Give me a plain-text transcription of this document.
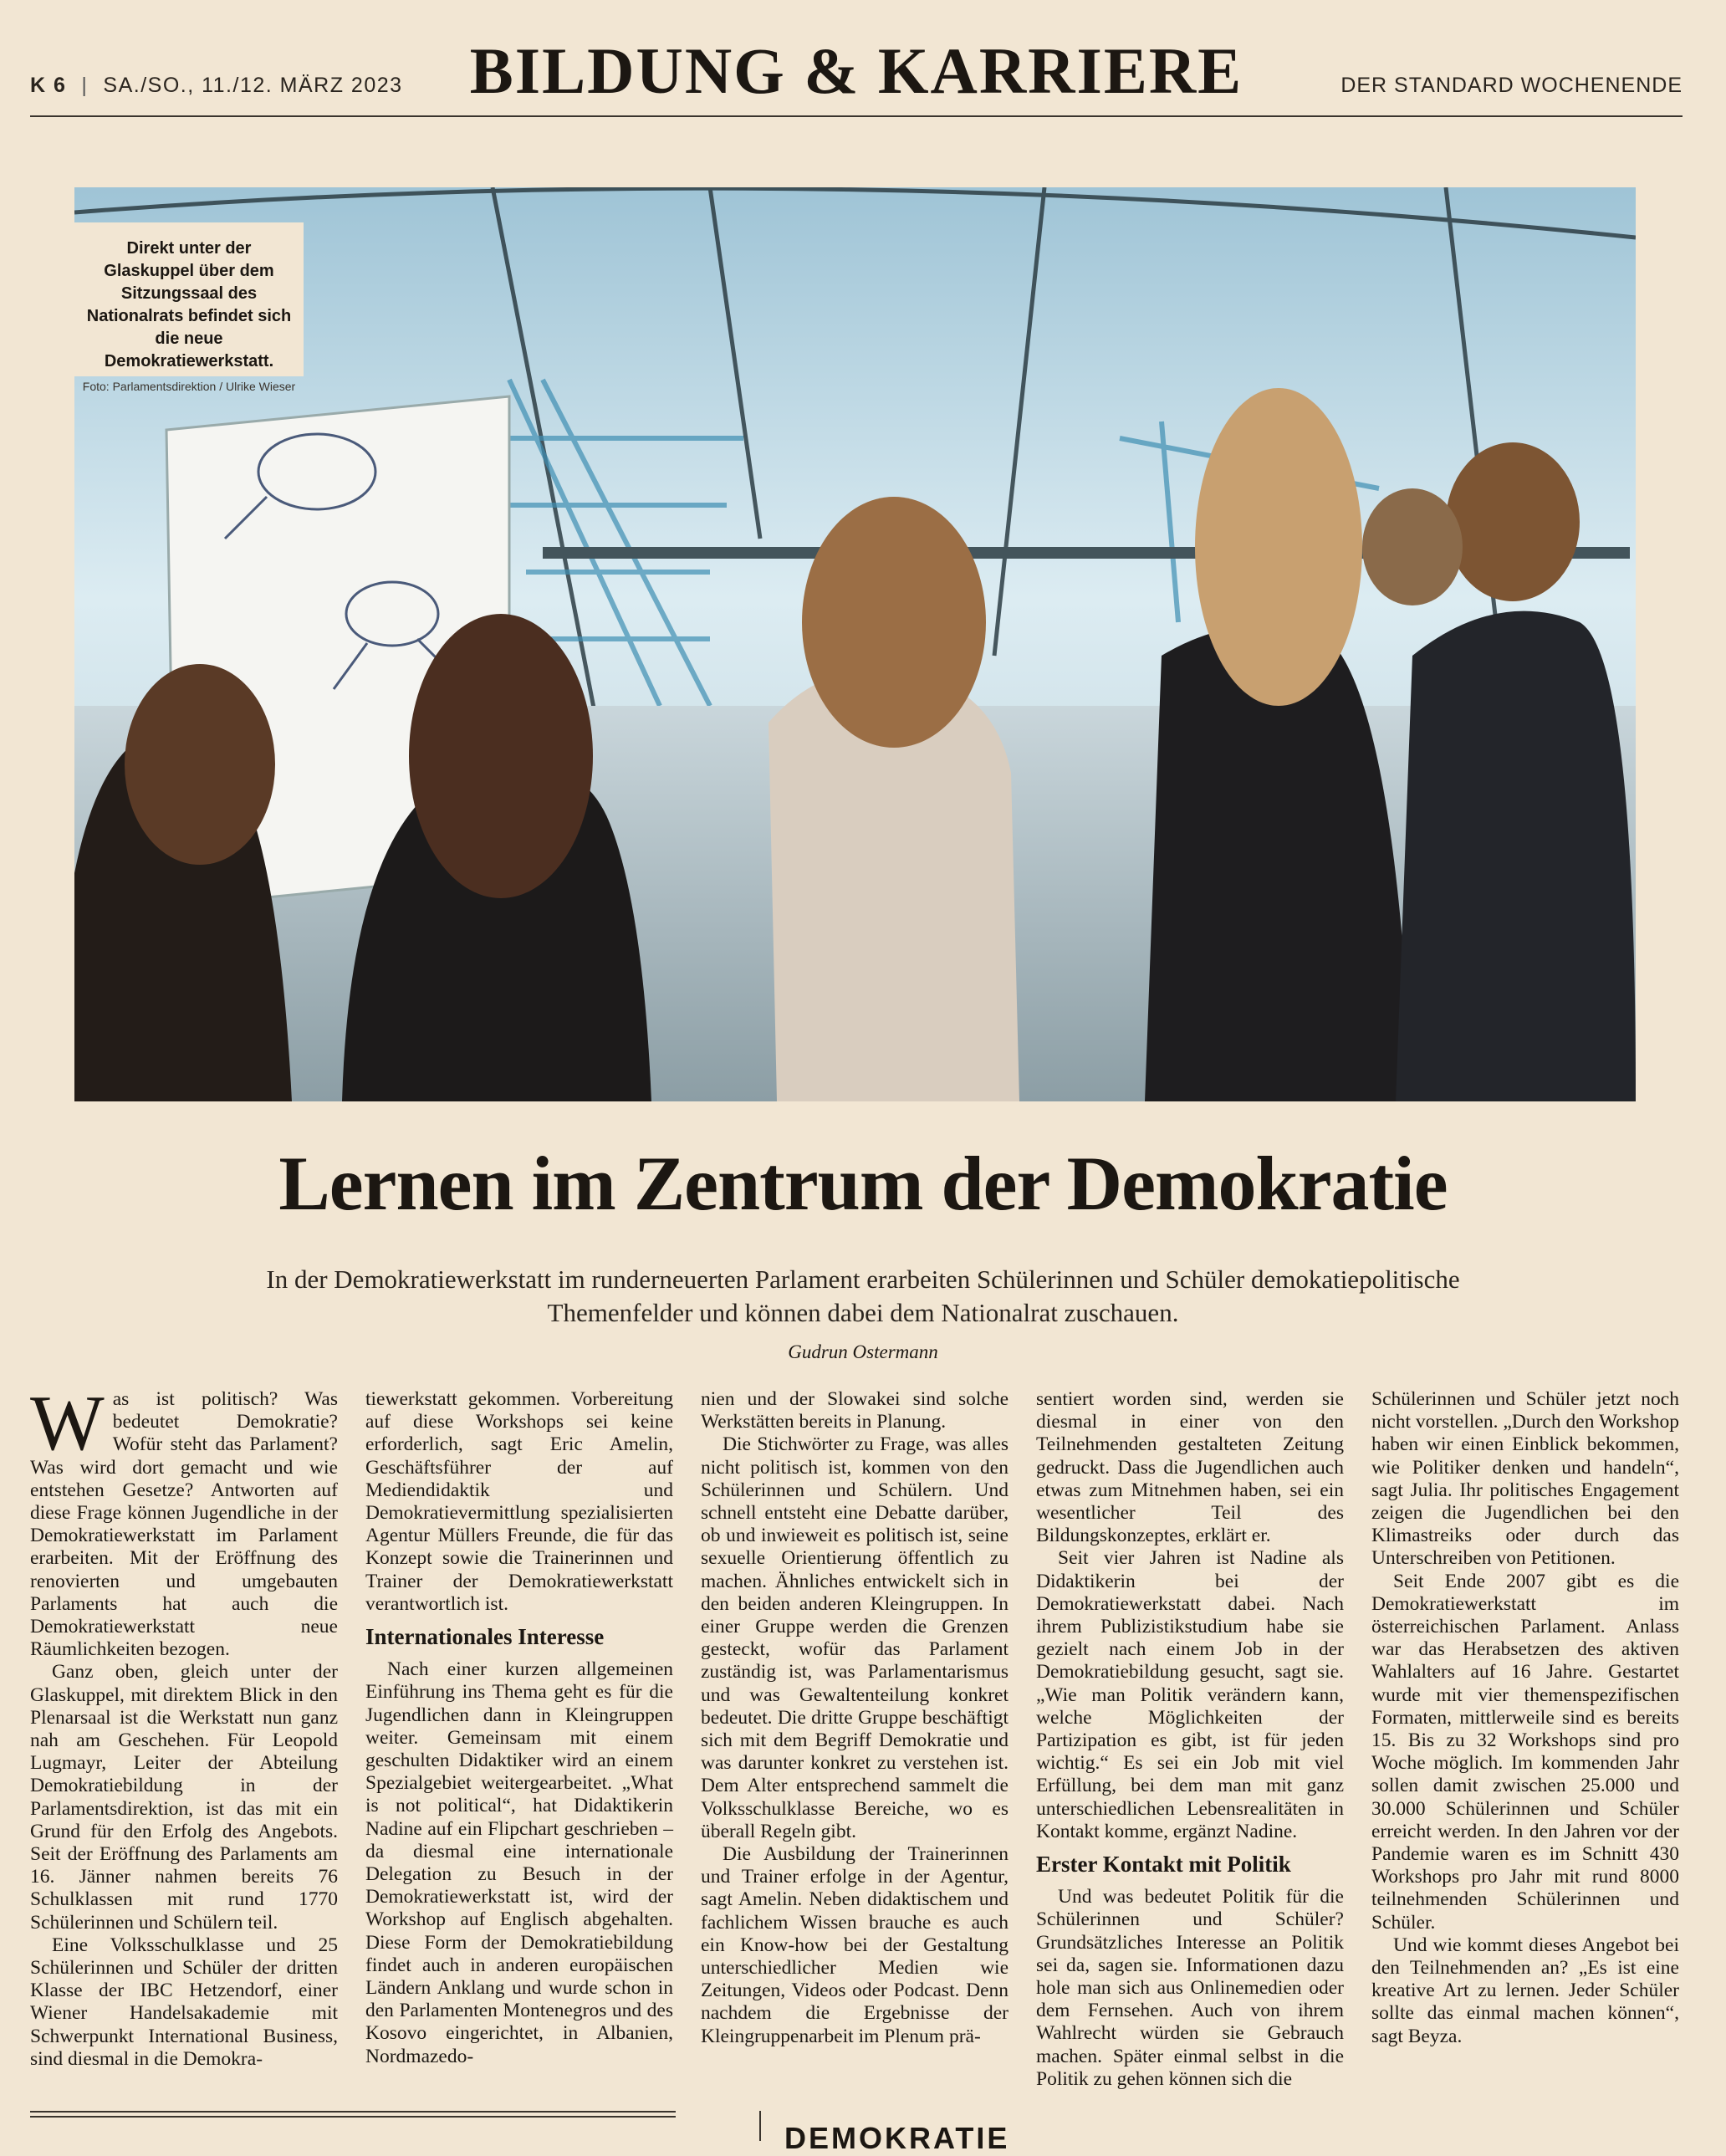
K 6 | SA./SO., 11./12. MÄRZ 2023	BILDUNG & KARRIERE	DER STANDARD WOCHENENDE
Direkt unter der Glaskuppel über dem Sitzungssaal des Nationalrats befindet sich die neue Demokratiewerkstatt.
Foto: Parlamentsdirektion / Ulrike Wieser
Lernen im Zentrum der Demokratie
In der Demokratiewerkstatt im runderneuerten Parlament erarbeiten Schülerinnen und Schüler demokatiepolitische Themenfelder und können dabei dem Nationalrat zuschauen.
Gudrun Ostermann

Was ist politisch? Was bedeutet Demokratie? Wofür steht das Parlament? Was wird dort gemacht und wie entstehen Gesetze? Antworten auf diese Frage können Jugendliche in der Demokratiewerkstatt im Parlament erarbeiten. Mit der Eröffnung des renovierten und umgebauten Parlaments hat auch die Demokratiewerkstatt neue Räumlichkeiten bezogen.

Ganz oben, gleich unter der Glaskuppel, mit direktem Blick in den Plenarsaal ist die Werkstatt nun ganz nah am Geschehen. Für Leopold Lugmayr, Leiter der Abteilung Demokratiebildung in der Parlamentsdirektion, ist das mit ein Grund für den Erfolg des Angebots. Seit der Eröffnung des Parlaments am 16. Jänner nahmen bereits 76 Schulklassen mit rund 1770 Schülerinnen und Schülern teil.

Eine Volksschulklasse und 25 Schülerinnen und Schüler der dritten Klasse der IBC Hetzendorf, einer Wiener Handelsakademie mit Schwerpunkt International Business, sind diesmal in die Demokra-

tiewerkstatt gekommen. Vorbereitung auf diese Workshops sei keine erforderlich, sagt Eric Amelin, Geschäftsführer der auf Mediendidaktik und Demokratievermittlung spezialisierten Agentur Müllers Freunde, die für das Konzept sowie die Trainerinnen und Trainer der Demokratiewerkstatt verantwortlich ist.

Internationales Interesse

Nach einer kurzen allgemeinen Einführung ins Thema geht es für die Jugendlichen dann in Kleingruppen weiter. Gemeinsam mit einem geschulten Didaktiker wird an einem Spezialgebiet weitergearbeitet. „What is not political“, hat Didaktikerin Nadine auf ein Flipchart geschrieben – da diesmal eine internationale Delegation zu Besuch in der Demokratiewerkstatt ist, wird der Workshop auf Englisch abgehalten. Diese Form der Demokratiebildung findet auch in anderen europäischen Ländern Anklang und wurde schon in den Parlamenten Montenegros und des Kosovo eingerichtet, in Albanien, Nordmazedo-

nien und der Slowakei sind solche Werkstätten bereits in Planung.

Die Stichwörter zu Frage, was alles nicht politisch ist, kommen von den Schülerinnen und Schülern. Und schnell entsteht eine Debatte darüber, ob und inwieweit es politisch ist, seine sexuelle Orientierung öffentlich zu machen. Ähnliches entwickelt sich in den beiden anderen Kleingruppen. In einer Gruppe werden die Grenzen gesteckt, wofür das Parlament zuständig ist, was Parlamentarismus und was Gewaltenteilung konkret bedeutet. Die dritte Gruppe beschäftigt sich mit dem Begriff Demokratie und was darunter konkret zu verstehen ist. Dem Alter entsprechend sammelt die Volksschulklasse Bereiche, wo es überall Regeln gibt.

Die Ausbildung der Trainerinnen und Trainer erfolge in der Agentur, sagt Amelin. Neben didaktischem und fachlichem Wissen brauche es auch ein Know-how bei der Gestaltung unterschiedlicher Medien wie Zeitungen, Videos oder Podcast. Denn nachdem die Ergebnisse der Kleingruppenarbeit im Plenum prä-

sentiert worden sind, werden sie diesmal in einer von den Teilnehmenden gestalteten Zeitung gedruckt. Dass die Jugendlichen auch etwas zum Mitnehmen haben, sei ein wesentlicher Teil des Bildungskonzeptes, erklärt er.

Seit vier Jahren ist Nadine als Didaktikerin bei der Demokratiewerkstatt dabei. Nach ihrem Publizistikstudium habe sie gezielt nach einem Job in der Demokratiebildung gesucht, sagt sie. „Wie man Politik verändern kann, welche Möglichkeiten der Partizipation es gibt, ist für jeden wichtig.“ Es sei ein Job mit viel Erfüllung, bei dem man mit ganz unterschiedlichen Lebensrealitäten in Kontakt komme, ergänzt Nadine.

Erster Kontakt mit Politik

Und was bedeutet Politik für die Schülerinnen und Schüler? Grundsätzliches Interesse an Politik sei da, sagen sie. Informationen dazu hole man sich aus Onlinemedien oder dem Fernsehen. Auch von ihrem Wahlrecht würden sie Gebrauch machen. Später einmal selbst in die Politik zu gehen können sich die

Schülerinnen und Schüler jetzt noch nicht vorstellen. „Durch den Workshop haben wir einen Einblick bekommen, wie Politiker denken und handeln“, sagt Julia. Ihr politisches Engagement zeigen die Jugendlichen bei den Klimastreiks oder durch das Unterschreiben von Petitionen.

Seit Ende 2007 gibt es die Demokratiewerkstatt im österreichischen Parlament. Anlass war das Herabsetzen des aktiven Wahlalters auf 16 Jahre. Gestartet wurde mit vier themenspezifischen Formaten, mittlerweile sind es bereits 15. Bis zu 32 Workshops sind pro Woche möglich. Im kommenden Jahr sollen damit zwischen 25.000 und 30.000 Schülerinnen und Schüler erreicht werden. In den Jahren vor der Pandemie waren es im Schnitt 430 Workshops pro Jahr mit rund 8000 teilnehmenden Schülerinnen und Schüler.

Und wie kommt dieses Angebot bei den Teilnehmenden an? „Es ist eine kreative Art zu lernen. Jeder Schüler sollte das einmal machen können“, sagt Beyza.

DEMOKRATIE
